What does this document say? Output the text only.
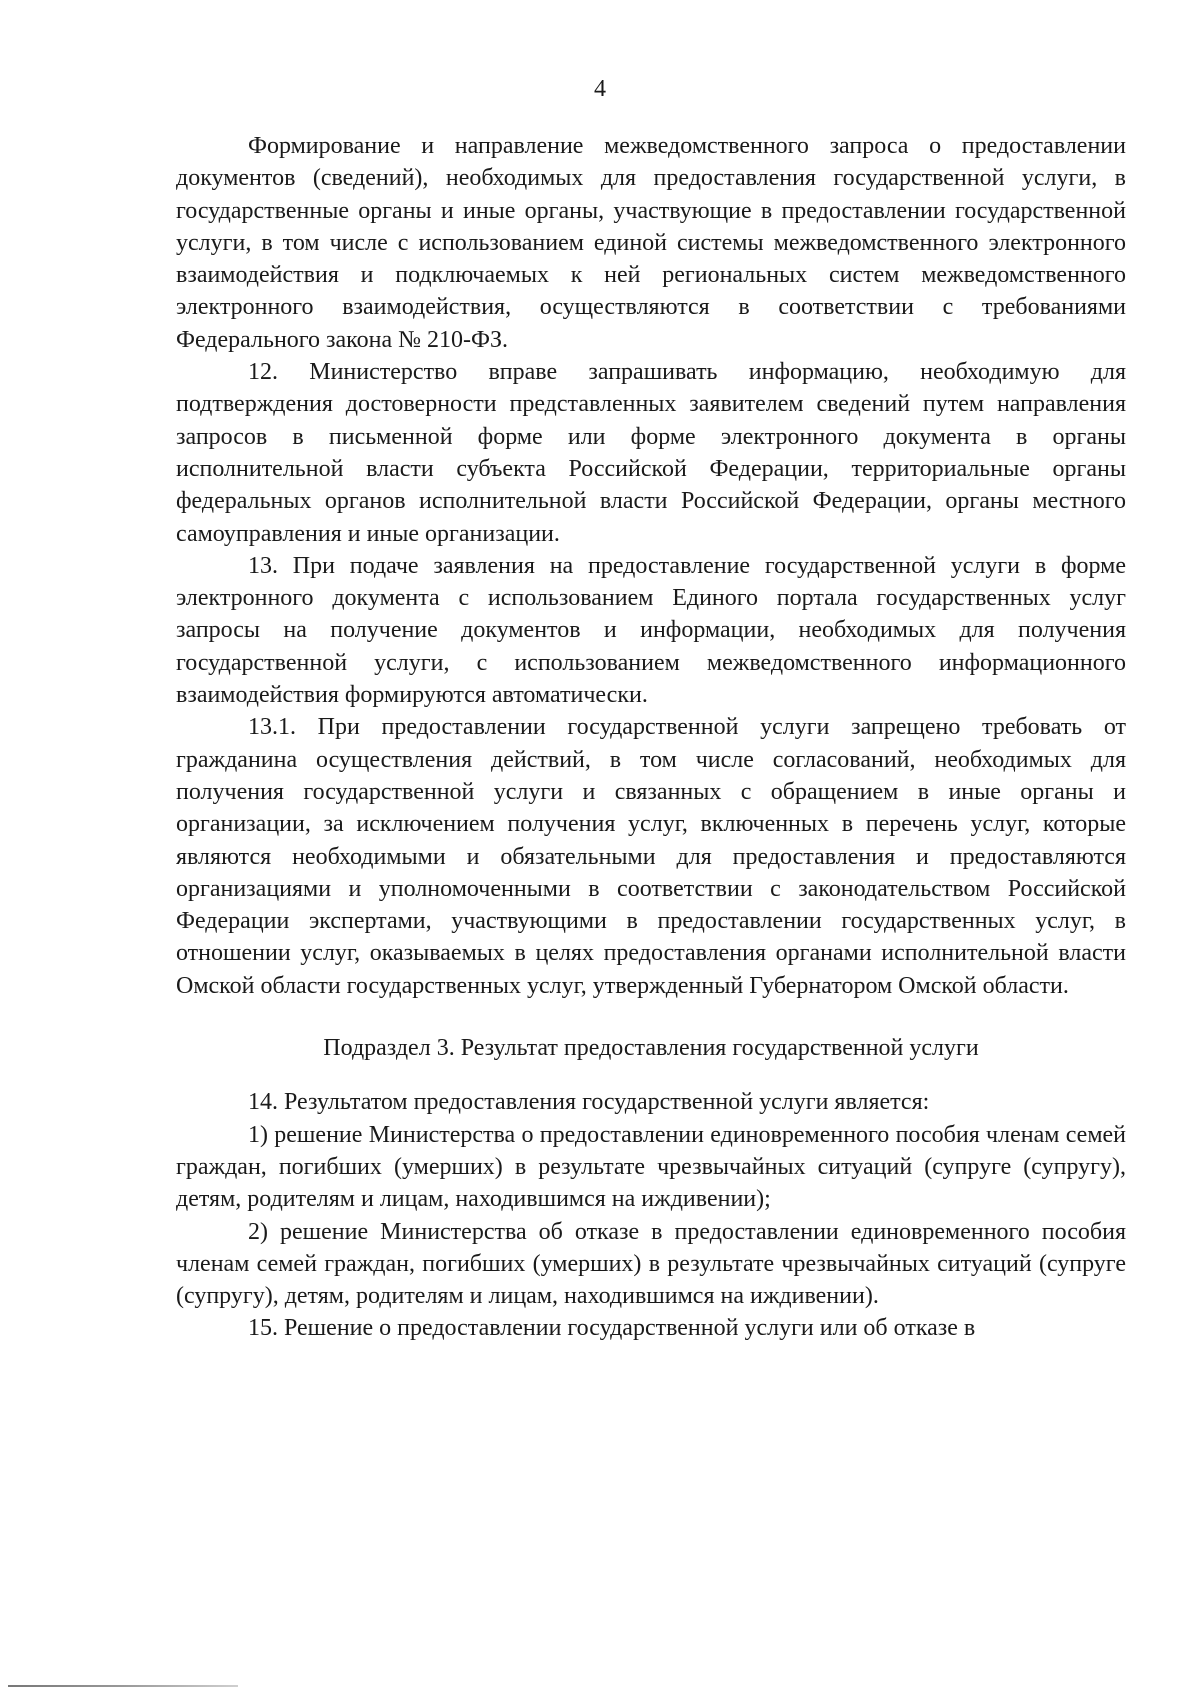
4

Формирование и направление межведомственного запроса о предоставлении документов (сведений), необходимых для предоставления государственной услуги, в государственные органы и иные органы, участвующие в предоставлении государственной услуги, в том числе с использованием единой системы межведомственного электронного взаимодействия и подключаемых к ней региональных систем межведомственного электронного взаимодействия, осуществляются в соответствии с требованиями Федерального закона № 210-ФЗ.

12. Министерство вправе запрашивать информацию, необходимую для подтверждения достоверности представленных заявителем сведений путем направления запросов в письменной форме или форме электронного документа в органы исполнительной власти субъекта Российской Федерации, территориальные органы федеральных органов исполнительной власти Российской Федерации, органы местного самоуправления и иные организации.

13. При подаче заявления на предоставление государственной услуги в форме электронного документа с использованием Единого портала государственных услуг запросы на получение документов и информации, необходимых для получения государственной услуги, с использованием межведомственного информационного взаимодействия формируются автоматически.

13.1. При предоставлении государственной услуги запрещено требовать от гражданина осуществления действий, в том числе согласований, необходимых для получения государственной услуги и связанных с обращением в иные органы и организации, за исключением получения услуг, включенных в перечень услуг, которые являются необходимыми и обязательными для предоставления и предоставляются организациями и уполномоченными в соответствии с законодательством Российской Федерации экспертами, участвующими в предоставлении государственных услуг, в отношении услуг, оказываемых в целях предоставления органами исполнительной власти Омской области государственных услуг, утвержденный Губернатором Омской области.

Подраздел 3. Результат предоставления государственной услуги

14. Результатом предоставления государственной услуги является:

1) решение Министерства о предоставлении единовременного пособия членам семей граждан, погибших (умерших) в результате чрезвычайных ситуаций (супруге (супругу), детям, родителям и лицам, находившимся на иждивении);

2) решение Министерства об отказе в предоставлении единовременного пособия членам семей граждан, погибших (умерших) в результате чрезвычайных ситуаций (супруге (супругу), детям, родителям и лицам, находившимся на иждивении).

15. Решение о предоставлении государственной услуги или об отказе в
